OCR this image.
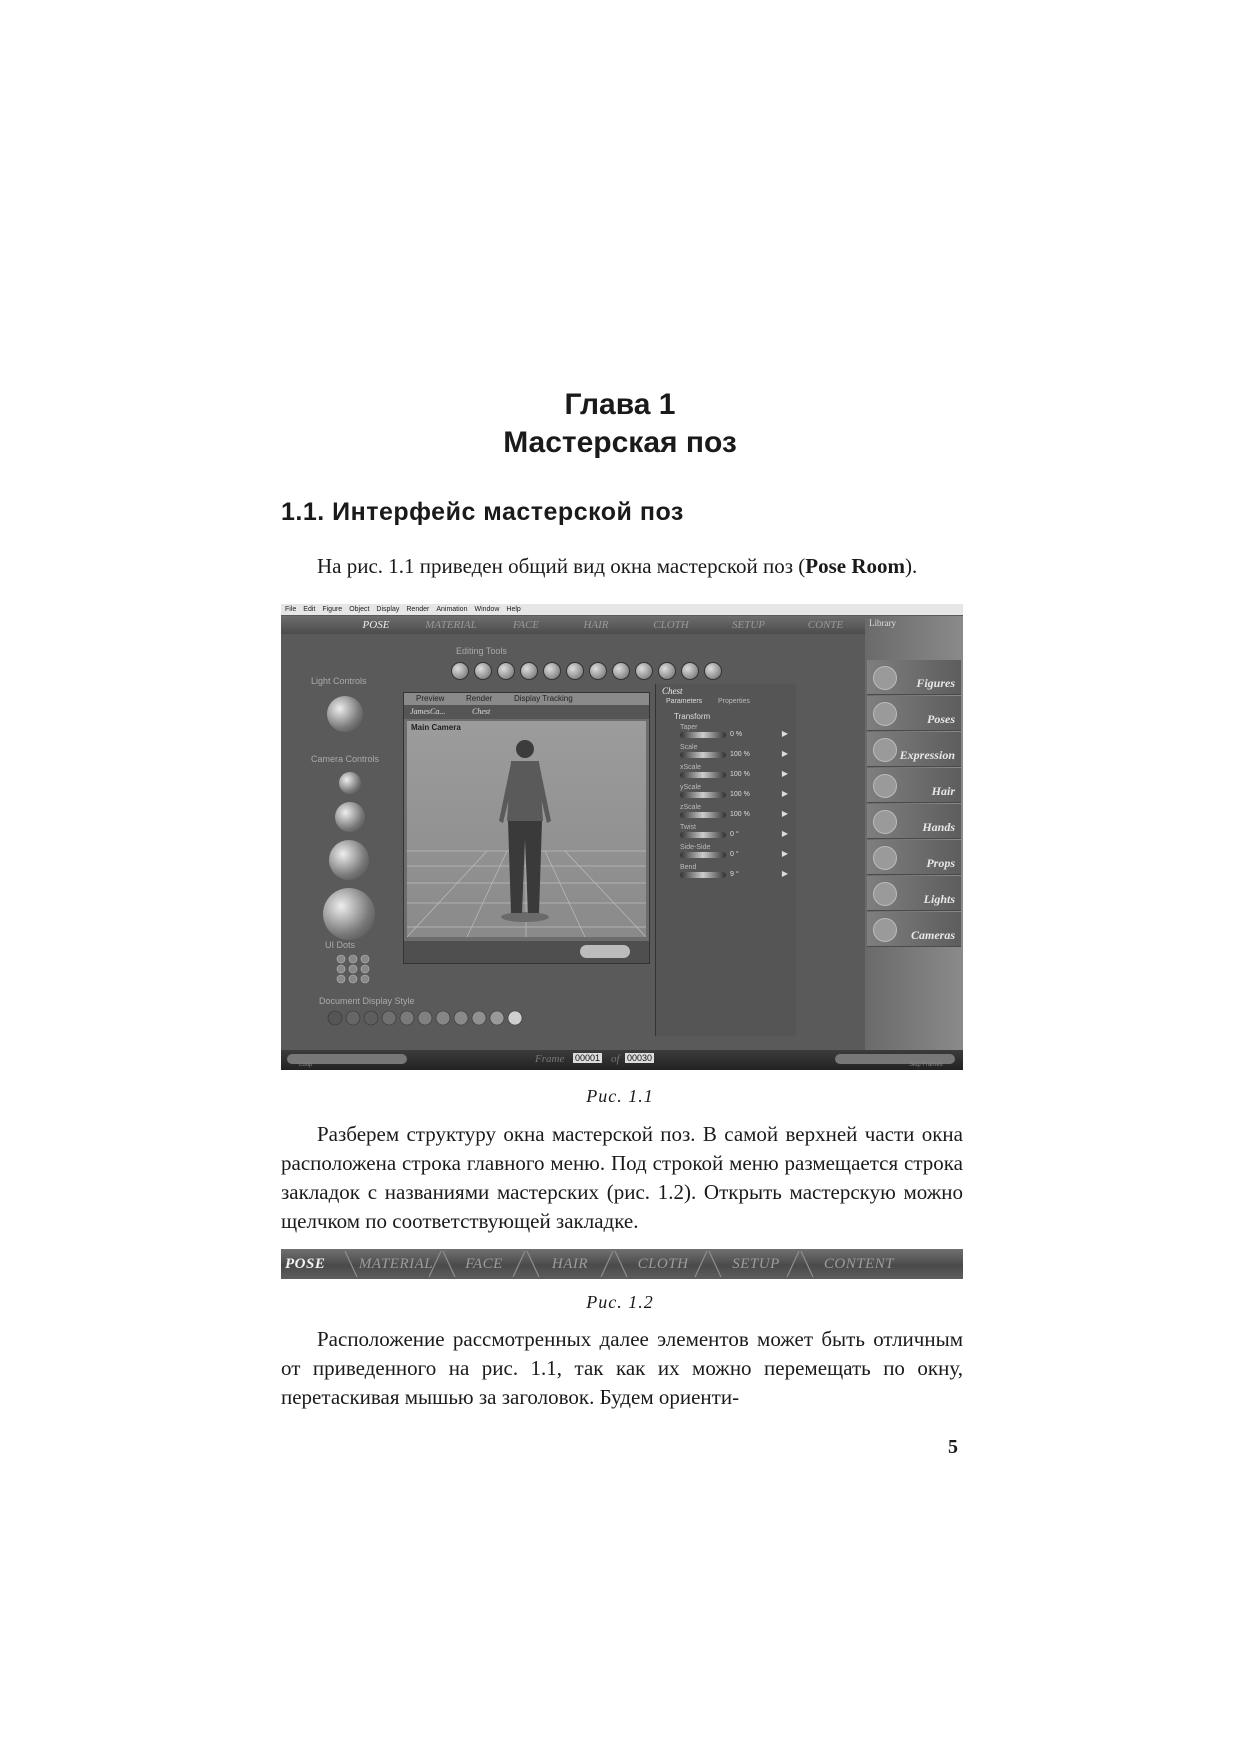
Глава 1
Мастерская поз
1.1. Интерфейс мастерской поз
На рис. 1.1 приведен общий вид окна мастерской поз (Pose Room).
File Edit Figure Object Display Render Animation Window Help
POSE	MATERIAL	FACE	HAIR	CLOTH	SETUP	CONTE
Light Controls
Camera Controls
UI Dots
Document Display Style
Editing Tools
Preview	Render	Display Tracking
JamesCa...	Chest
Main Camera
Chest
Parameters Properties
Transform
Taper
0 %	▶
Scale
100 %	▶
xScale
100 %	▶
yScale
100 %	▶
zScale
100 %	▶
Twist
0 °	▶
Side-Side
0 °	▶
Bend
9 °	▶
Library
Figures
Poses
Expression
Hair
Hands
Props
Lights
Cameras
Frame 00001 of 00030
Loop	Skip Frames
Рис. 1.1
Разберем структуру окна мастерской поз. В самой верхней части окна расположена строка главного меню. Под строкой меню размещается строка закладок с названиями мастерских (рис. 1.2). Открыть мастерскую можно щелчком по соответствующей закладке.
POSE	MATERIAL	FACE	HAIR	CLOTH	SETUP	CONTENT
Рис. 1.2
Расположение рассмотренных далее элементов может быть отличным от приведенного на рис. 1.1, так как их можно перемещать по окну, перетаскивая мышью за заголовок. Будем ориенти-
5
